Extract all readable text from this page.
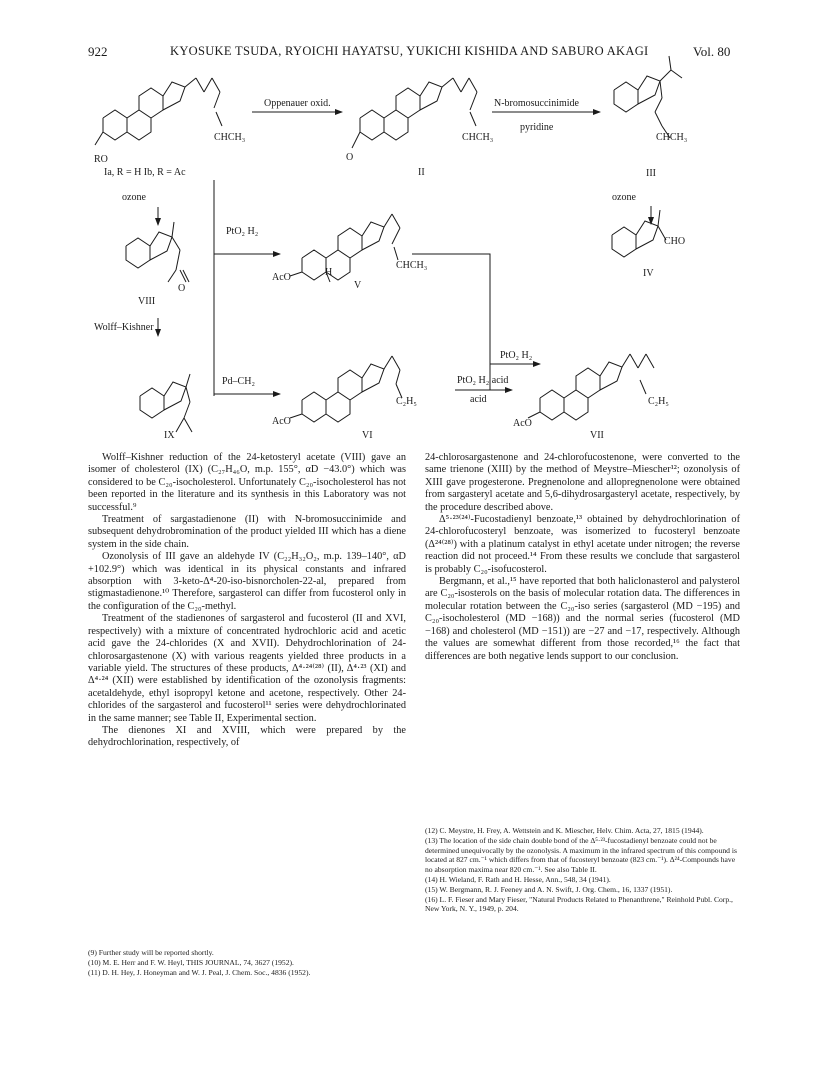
922	KYOSUKE TSUDA, RYOICHI HAYATSU, YUKICHI KISHIDA AND SABURO AKAGI	Vol. 80
RO
CHCH₃
Ia, R = H Ib, R = Ac
Oppenauer oxid.
O
CHCH₃
II
N-bromosuccinimide
pyridine
CHCH₃
III
ozone	ozone
PtO₂ H₂
CHO
IV
CHCH₃
AcO	H
V
O
VIII
Wolff–Kishner
Pd–CH₂
PtO₂ H₂
PtO₂ H₂ acid
acid
C₂H₅
AcO
VI
C₂H₅
AcO
VII
IX

Wolff–Kishner reduction of the 24-ketosteryl acetate (VIII) gave an isomer of cholesterol (IX) (C₂₇H₄₆O, m.p. 155°, αD −43.0°) which was considered to be C₂₀-isocholesterol. Unfortunately C₂₀-isocholesterol has not been reported in the literature and its synthesis in this Laboratory was not successful.⁹

Treatment of sargastadienone (II) with N-bromosuccinimide and subsequent dehydrobromination of the product yielded III which has a diene system in the side chain.

Ozonolysis of III gave an aldehyde IV (C₂₂H₃₂O₂, m.p. 139–140°, αD +102.9°) which was identical in its physical constants and infrared absorption with 3-keto-Δ⁴-20-iso-bisnorcholen-22-al, prepared from stigmastadienone.¹⁰ Therefore, sargasterol can differ from fucosterol only in the configuration of the C₂₀-methyl.

Treatment of the stadienones of sargasterol and fucosterol (II and XVI, respectively) with a mixture of concentrated hydrochloric acid and acetic acid gave the 24-chlorides (X and XVII). Dehydrochlorination of 24-chlorosargastenone (X) with various reagents yielded three products in a variable yield. The structures of these products, Δ⁴·²⁴⁽²⁸⁾ (II), Δ⁴·²³ (XI) and Δ⁴·²⁴ (XII) were established by identification of the ozonolysis fragments: acetaldehyde, ethyl isopropyl ketone and acetone, respectively. Other 24-chlorides of the sargasterol and fucosterol¹¹ series were dehydrochlorinated in the same manner; see Table II, Experimental section.

The dienones XI and XVIII, which were prepared by the dehydrochlorination, respectively, of

(9) Further study will be reported shortly.

(10) M. E. Herr and F. W. Heyl, THIS JOURNAL, 74, 3627 (1952).

(11) D. H. Hey, J. Honeyman and W. J. Peal, J. Chem. Soc., 4836 (1952).

24-chlorosargastenone and 24-chlorofucostenone, were converted to the same trienone (XIII) by the method of Meystre–Miescher¹²; ozonolysis of XIII gave progesterone. Pregnenolone and allopregnenolone were obtained from sargasteryl acetate and 5,6-dihydrosargasteryl acetate, respectively, by the procedure described above.

Δ⁵·²³⁽²⁴⁾-Fucostadienyl benzoate,¹³ obtained by dehydrochlorination of 24-chlorofucosteryl benzoate, was isomerized to fucosteryl benzoate (Δ²⁴⁽²⁸⁾) with a platinum catalyst in ethyl acetate under nitrogen; the reverse reaction did not proceed.¹⁴ From these results we conclude that sargasterol is probably C₂₀-isofucosterol.

Bergmann, et al.,¹⁵ have reported that both haliclonasterol and palysterol are C₂₀-isosterols on the basis of molecular rotation data. The differences in molecular rotation between the C₂₀-iso series (sargasterol (MD −195) and C₂₀-isocholesterol (MD −168)) and the normal series (fucosterol (MD −168) and cholesterol (MD −151)) are −27 and −17, respectively. Although the values are somewhat different from those recorded,¹⁶ the fact that differences are both negative lends support to our conclusion.

(12) C. Meystre, H. Frey, A. Wettstein and K. Miescher, Helv. Chim. Acta, 27, 1815 (1944).

(13) The location of the side chain double bond of the Δ⁵·²³-fucostadienyl benzoate could not be determined unequivocally by the ozonolysis. A maximum in the infrared spectrum of this compound is located at 827 cm.⁻¹ which differs from that of fucosteryl benzoate (823 cm.⁻¹). Δ²⁴-Compounds have no absorption maxima near 820 cm.⁻¹. See also Table II.

(14) H. Wieland, F. Rath and H. Hesse, Ann., 548, 34 (1941).

(15) W. Bergmann, R. J. Feeney and A. N. Swift, J. Org. Chem., 16, 1337 (1951).

(16) L. F. Fieser and Mary Fieser, "Natural Products Related to Phenanthrene," Reinhold Publ. Corp., New York, N. Y., 1949, p. 204.
